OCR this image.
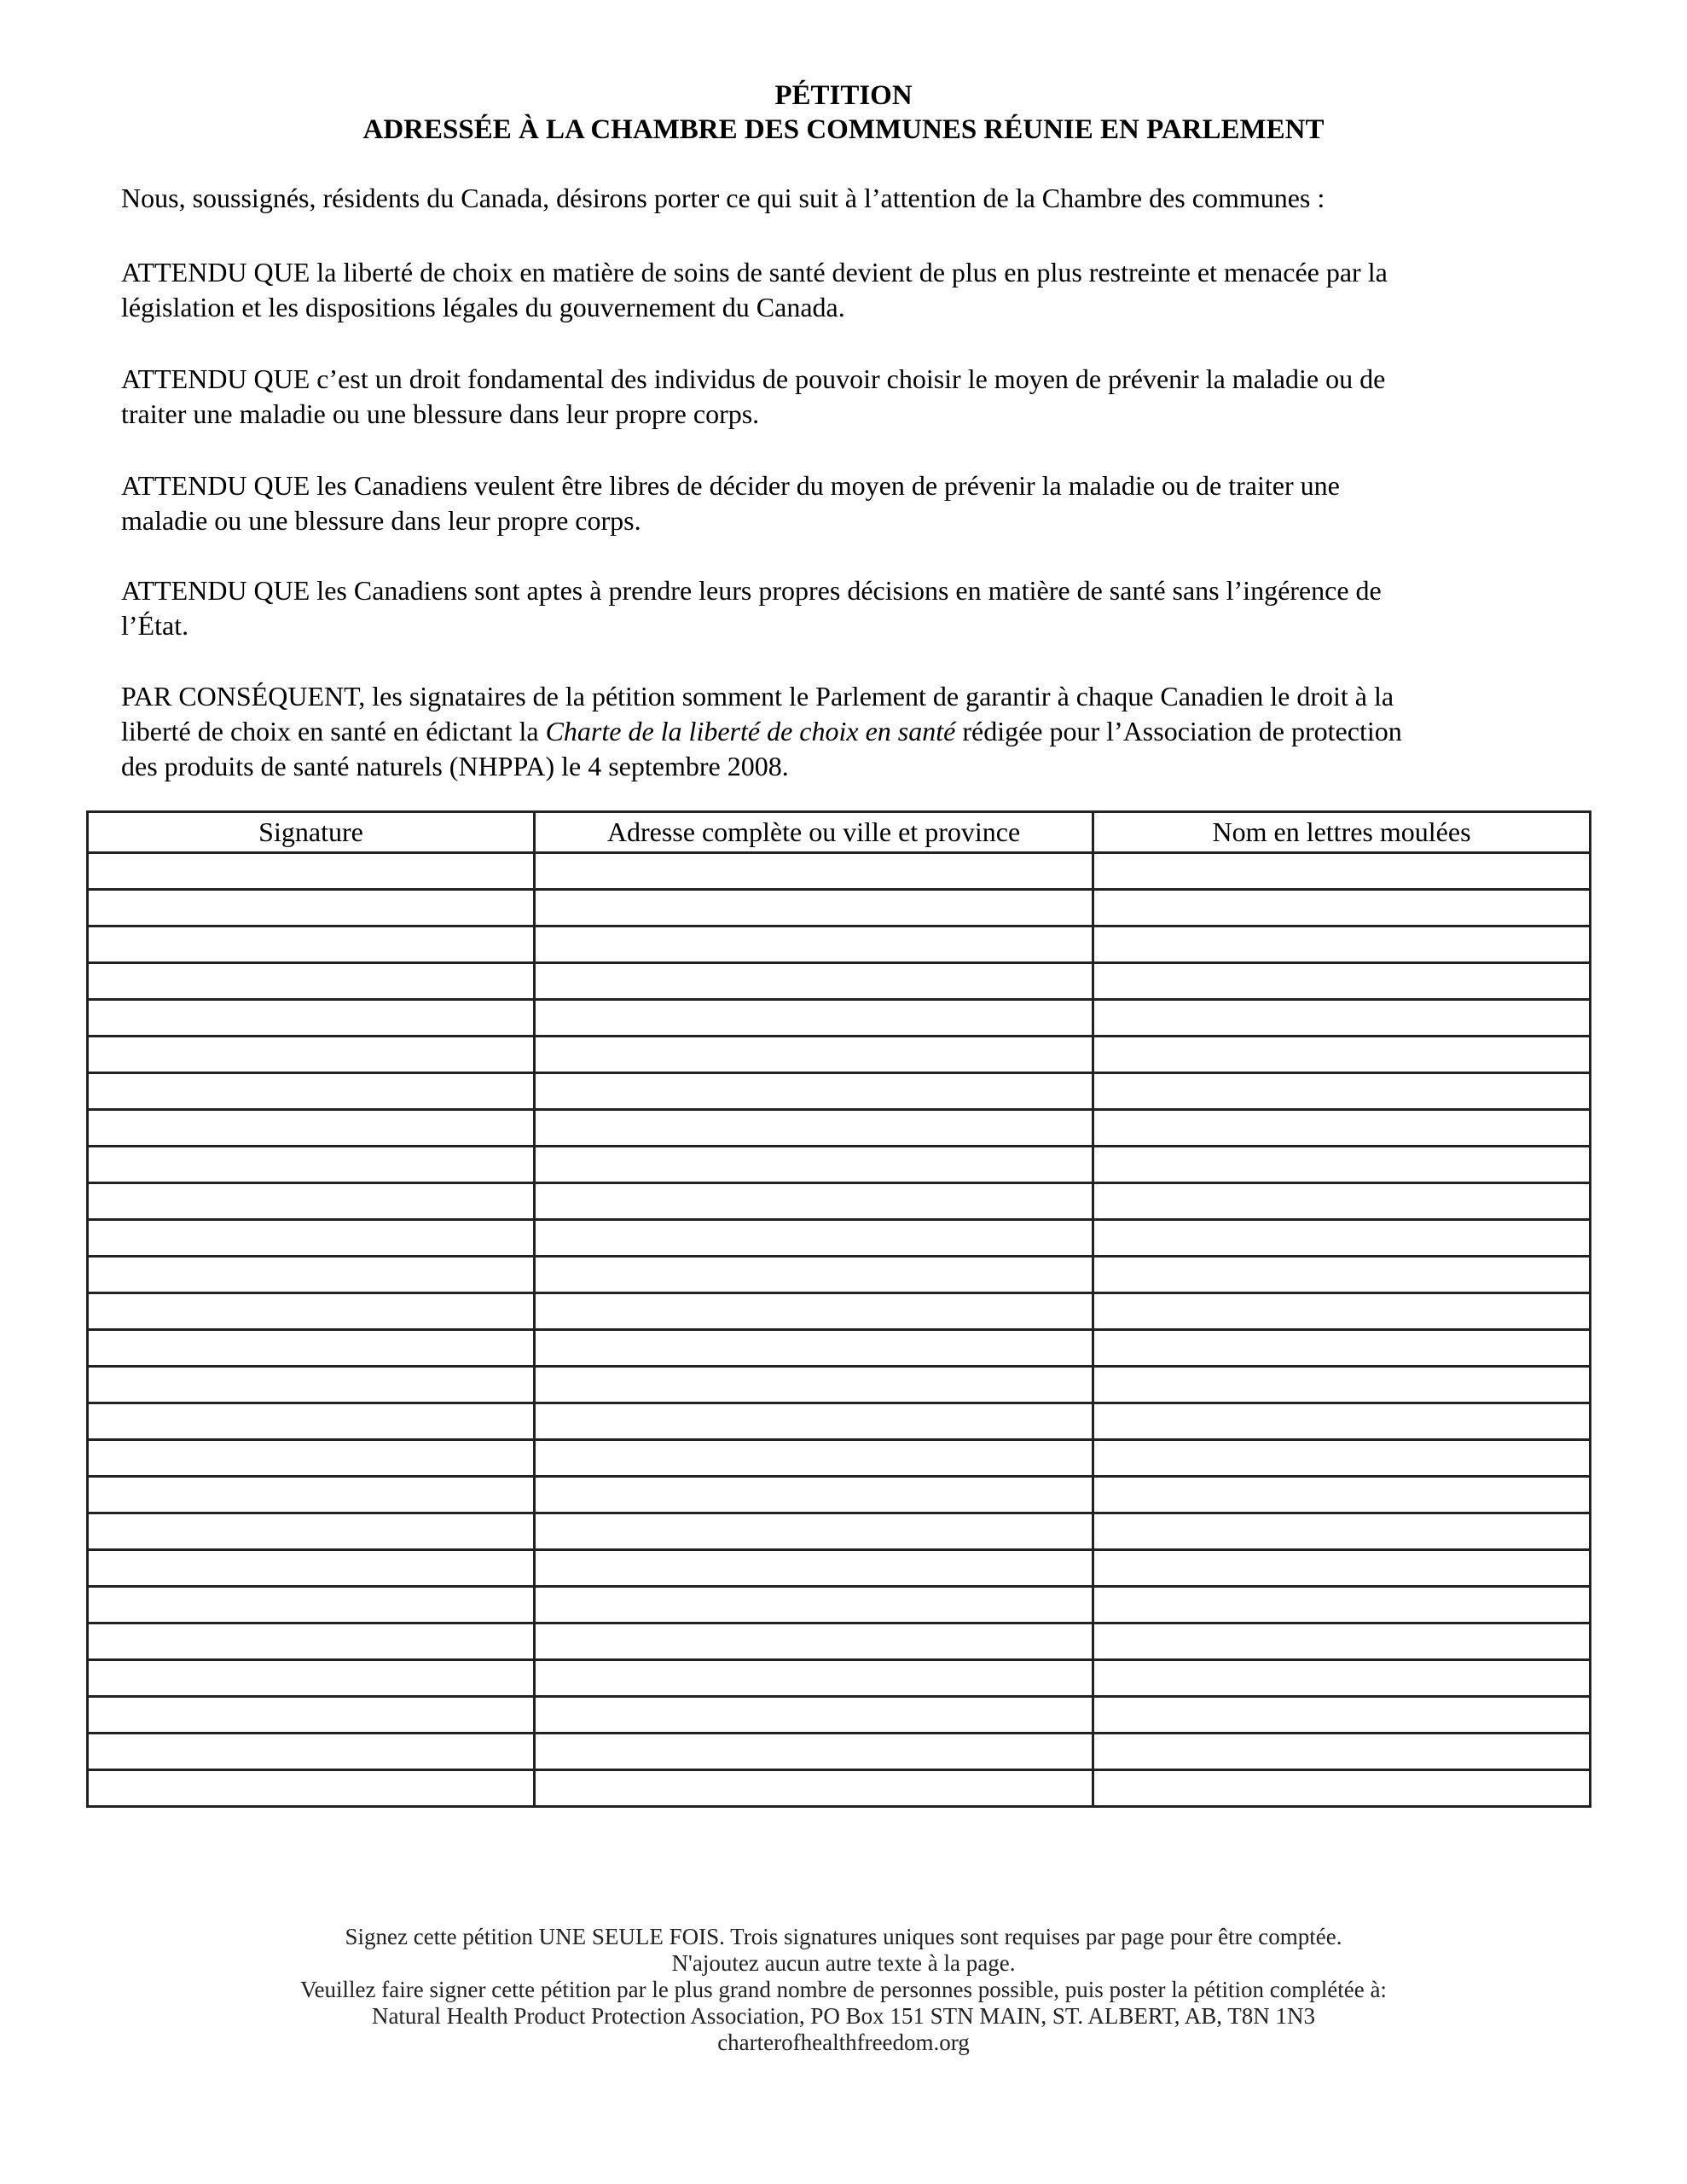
PÉTITION
ADRESSÉE À LA CHAMBRE DES COMMUNES RÉUNIE EN PARLEMENT

Nous, soussignés, résidents du Canada, désirons porter ce qui suit à l’attention de la Chambre des communes :

ATTENDU QUE la liberté de choix en matière de soins de santé devient de plus en plus restreinte et menacée par la

législation et les dispositions légales du gouvernement du Canada.

ATTENDU QUE c’est un droit fondamental des individus de pouvoir choisir le moyen de prévenir la maladie ou de

traiter une maladie ou une blessure dans leur propre corps.

ATTENDU QUE les Canadiens veulent être libres de décider du moyen de prévenir la maladie ou de traiter une

maladie ou une blessure dans leur propre corps.

ATTENDU QUE les Canadiens sont aptes à prendre leurs propres décisions en matière de santé sans l’ingérence de

l’État.

PAR CONSÉQUENT, les signataires de la pétition somment le Parlement de garantir à chaque Canadien le droit à la

liberté de choix en santé en édictant la Charte de la liberté de choix en santé rédigée pour l’Association de protection

des produits de santé naturels (NHPPA) le 4 septembre 2008.

Signature	Adresse complète ou ville et province	Nom en lettres moulées

Signez cette pétition UNE SEULE FOIS. Trois signatures uniques sont requises par page pour être comptée.
N'ajoutez aucun autre texte à la page.
Veuillez faire signer cette pétition par le plus grand nombre de personnes possible, puis poster la pétition complétée à:
Natural Health Product Protection Association, PO Box 151 STN MAIN, ST. ALBERT, AB, T8N 1N3
charterofhealthfreedom.org
